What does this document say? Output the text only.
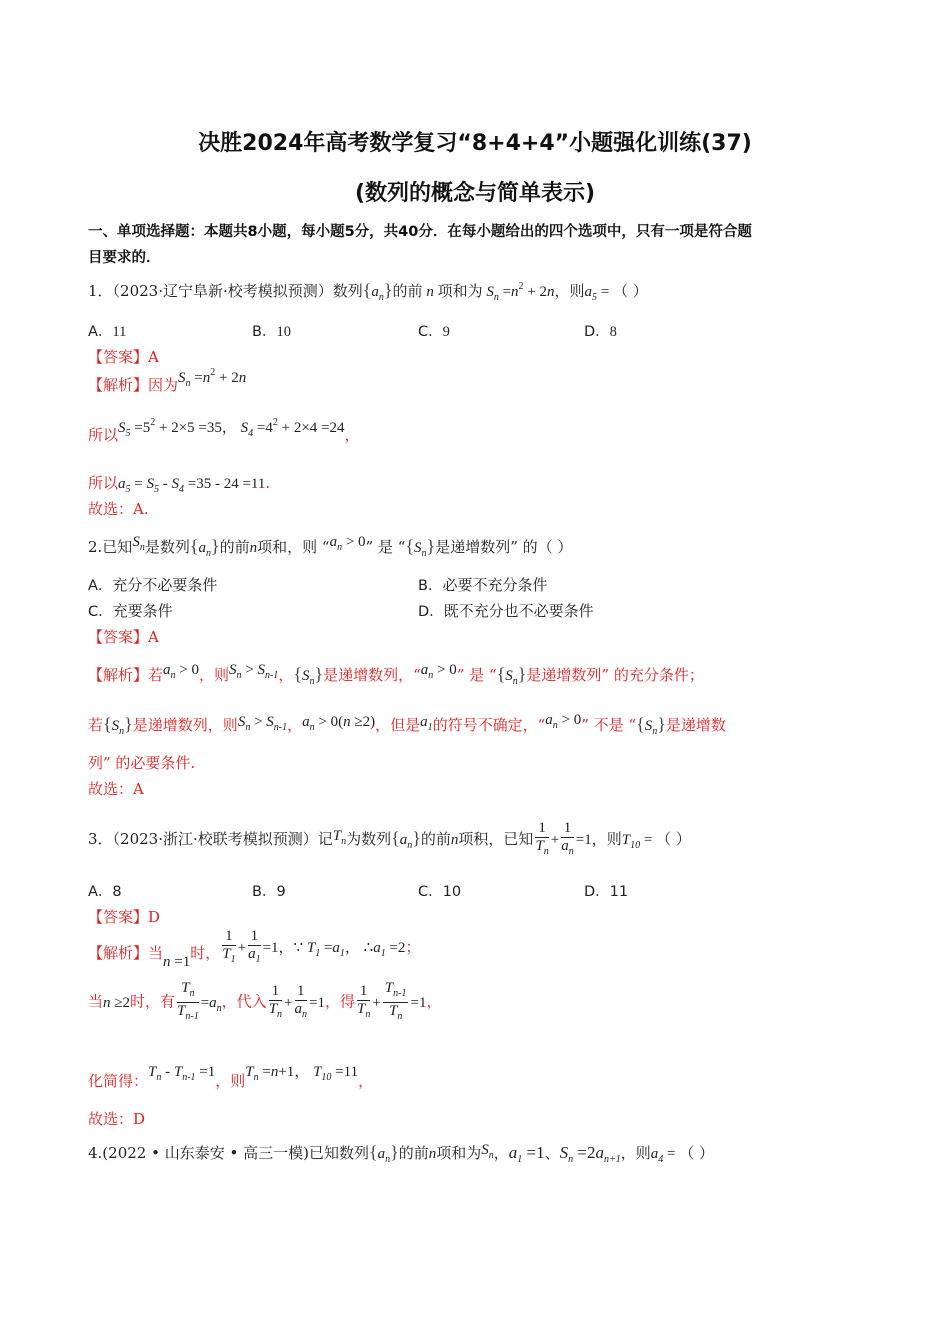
决胜2024年高考数学复习“8+4+4”小题强化训练(37)
(数列的概念与简单表示)
一、单项选择题：本题共8小题，每小题5分，共40分．在每小题给出的四个选项中，只有一项是符合题
目要求的．
1．（2023·辽宁阜新·校考模拟预测）数列$\{a_n\}$的前 n 项和为 $S_n =n^2 + 2n$，则$a_5$ = （ ）
A．11	B．10	C．9	D．8
【答案】A
【解析】因为$S_n =n^2 + 2n$
所以$S_5 =5^2 + 2\times 5 =35$， $S_4 =4^2 + 2\times 4 =24$，
所以$a_5 = S_5 - S_4 =35 - 24 =11$.
故选：A.
2.已知$S_n$是数列$\{a_n\}$的前n项和，则 “$a_n > 0$” 是 “$\{S_n\}$是递增数列” 的（ ）
A．充分不必要条件	B．必要不充分条件
C．充要条件	D．既不充分也不必要条件
【答案】A
【解析】若$a_n > 0$，则$S_n > S_{n-1}$，$\{S_n\}$是递增数列，“$a_n > 0$” 是 “$\{S_n\}$是递增数列” 的充分条件；
若$\{S_n\}$是递增数列，则$S_n > S_{n-1}$，$a_n > 0(n \ge 2)$，但是$a_1$的符号不确定，“$a_n > 0$” 不是 “$\{S_n\}$是递增数
列” 的必要条件.
故选：A
3．（2023·浙江·校联考模拟预测）记$T_n$为数列$\{a_n\}$的前n项积，已知 $\frac{1}{T_n} + \frac{1}{a_n} =1$，则$T_{10}$ = （ ）
A．8	B．9	C．10	D．11
【答案】D
【解析】当n =1时， $\frac{1}{T_1} + \frac{1}{a_1} =1$，∵ $T_1 =a_1$， $\therefore a_1 =2$；
当n ≥2时，有 $\frac{T_n}{T_{n-1}} =a_n$，代入 $\frac{1}{T_n} + \frac{1}{a_n} =1$，得 $\frac{1}{T_n} + \frac{T_{n-1}}{T_n} =1$，
化简得：$T_n - T_{n-1} =1$，则$T_n =n+1$， $T_{10} =11$，
故选：D
4.(2022 • 山东泰安 • 高三一模)已知数列$\{a_n\}$的前n项和为$S_n$，$a_1 =1$、$S_n =2a_{n+1}$，则$a_4$ = （ ）
